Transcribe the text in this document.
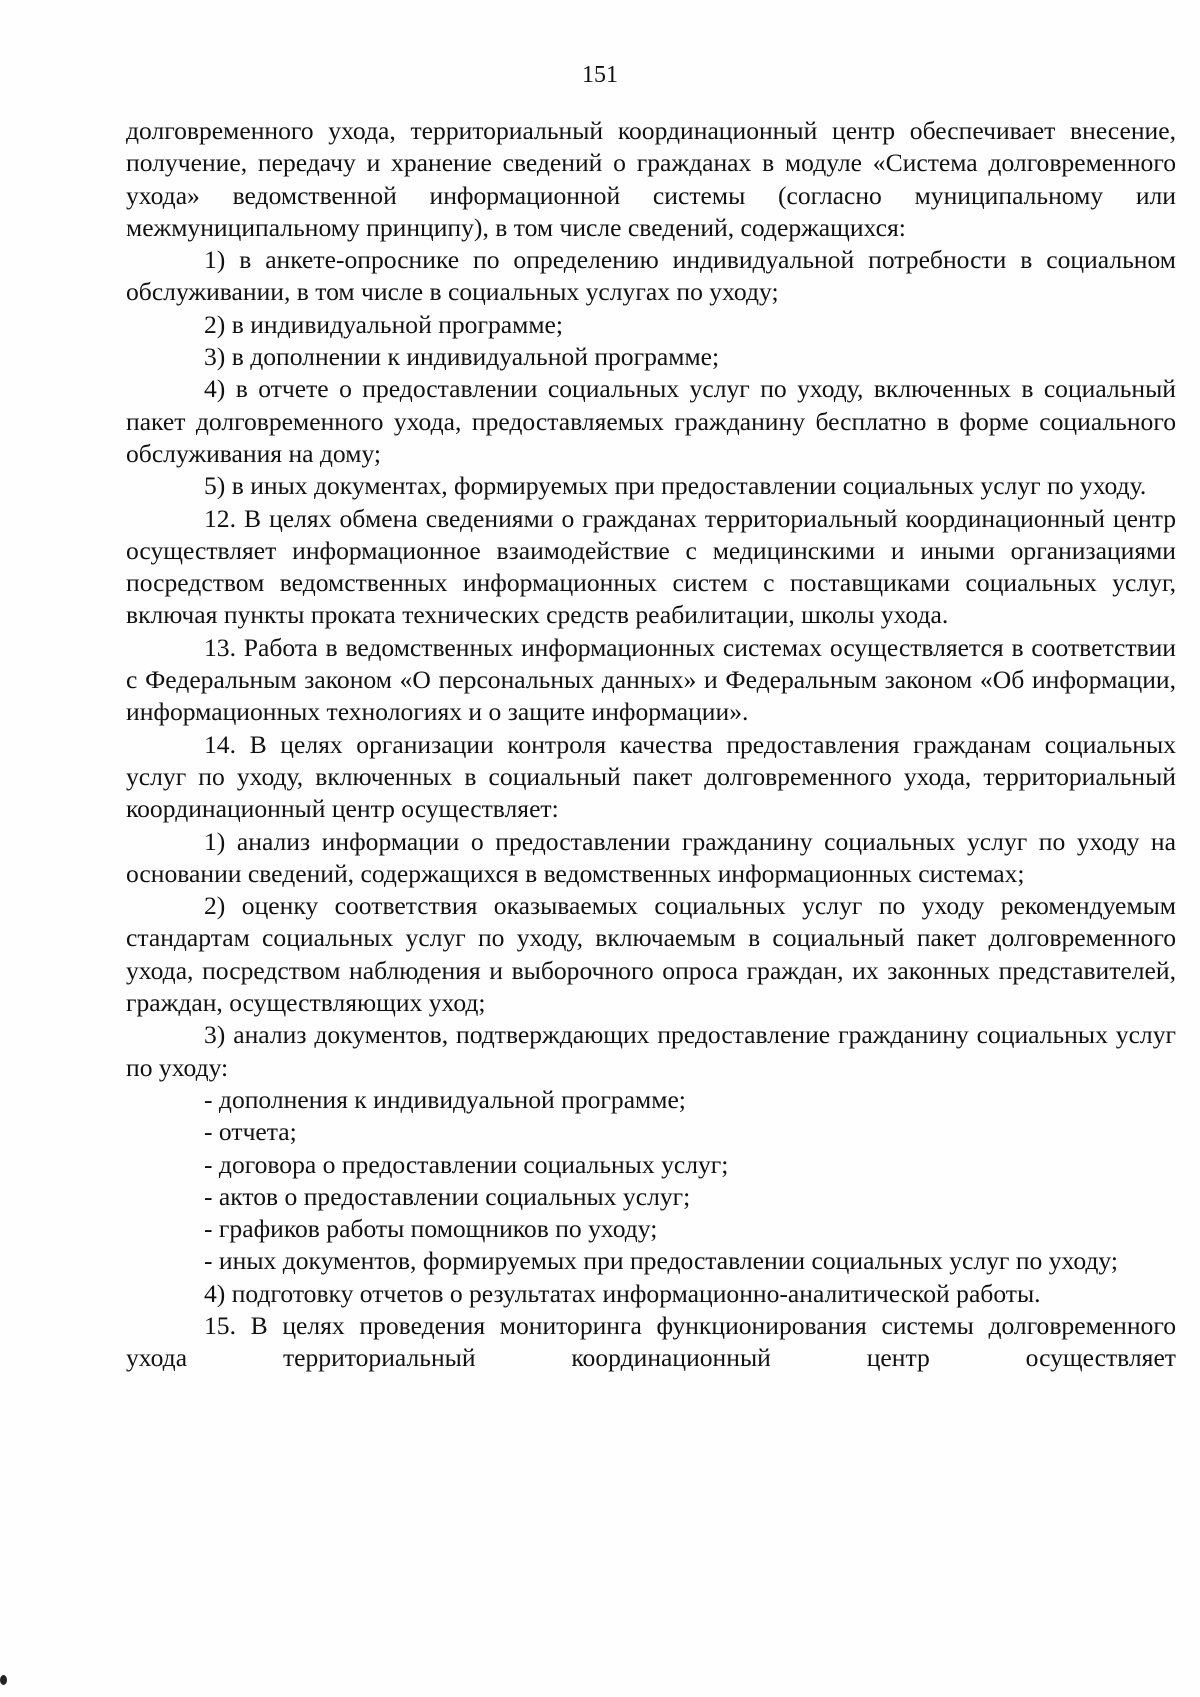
151

долговременного ухода, территориальный координационный центр обеспечивает внесение, получение, передачу и хранение сведений о гражданах в модуле «Система долговременного ухода» ведомственной информационной системы (согласно муниципальному или межмуниципальному принципу), в том числе сведений, содержащихся:

1) в анкете-опроснике по определению индивидуальной потребности в социальном обслуживании, в том числе в социальных услугах по уходу;

2) в индивидуальной программе;

3) в дополнении к индивидуальной программе;

4) в отчете о предоставлении социальных услуг по уходу, включенных в социальный пакет долговременного ухода, предоставляемых гражданину бесплатно в форме социального обслуживания на дому;

5) в иных документах, формируемых при предоставлении социальных услуг по уходу.

12. В целях обмена сведениями о гражданах территориальный координационный центр осуществляет информационное взаимодействие с медицинскими и иными организациями посредством ведомственных информационных систем с поставщиками социальных услуг, включая пункты проката технических средств реабилитации, школы ухода.

13. Работа в ведомственных информационных системах осуществляется в соответствии с Федеральным законом «О персональных данных» и Федеральным законом «Об информации, информационных технологиях и о защите информации».

14. В целях организации контроля качества предоставления гражданам социальных услуг по уходу, включенных в социальный пакет долговременного ухода, территориальный координационный центр осуществляет:

1) анализ информации о предоставлении гражданину социальных услуг по уходу на основании сведений, содержащихся в ведомственных информационных системах;

2) оценку соответствия оказываемых социальных услуг по уходу рекомендуемым стандартам социальных услуг по уходу, включаемым в социальный пакет долговременного ухода, посредством наблюдения и выборочного опроса граждан, их законных представителей, граждан, осуществляющих уход;

3) анализ документов, подтверждающих предоставление гражданину социальных услуг по уходу:

- дополнения к индивидуальной программе;

- отчета;

- договора о предоставлении социальных услуг;

- актов о предоставлении социальных услуг;

- графиков работы помощников по уходу;

- иных документов, формируемых при предоставлении социальных услуг по уходу;

4) подготовку отчетов о результатах информационно-аналитической работы.

15. В целях проведения мониторинга функционирования системы долговременного ухода территориальный координационный центр осуществляет
